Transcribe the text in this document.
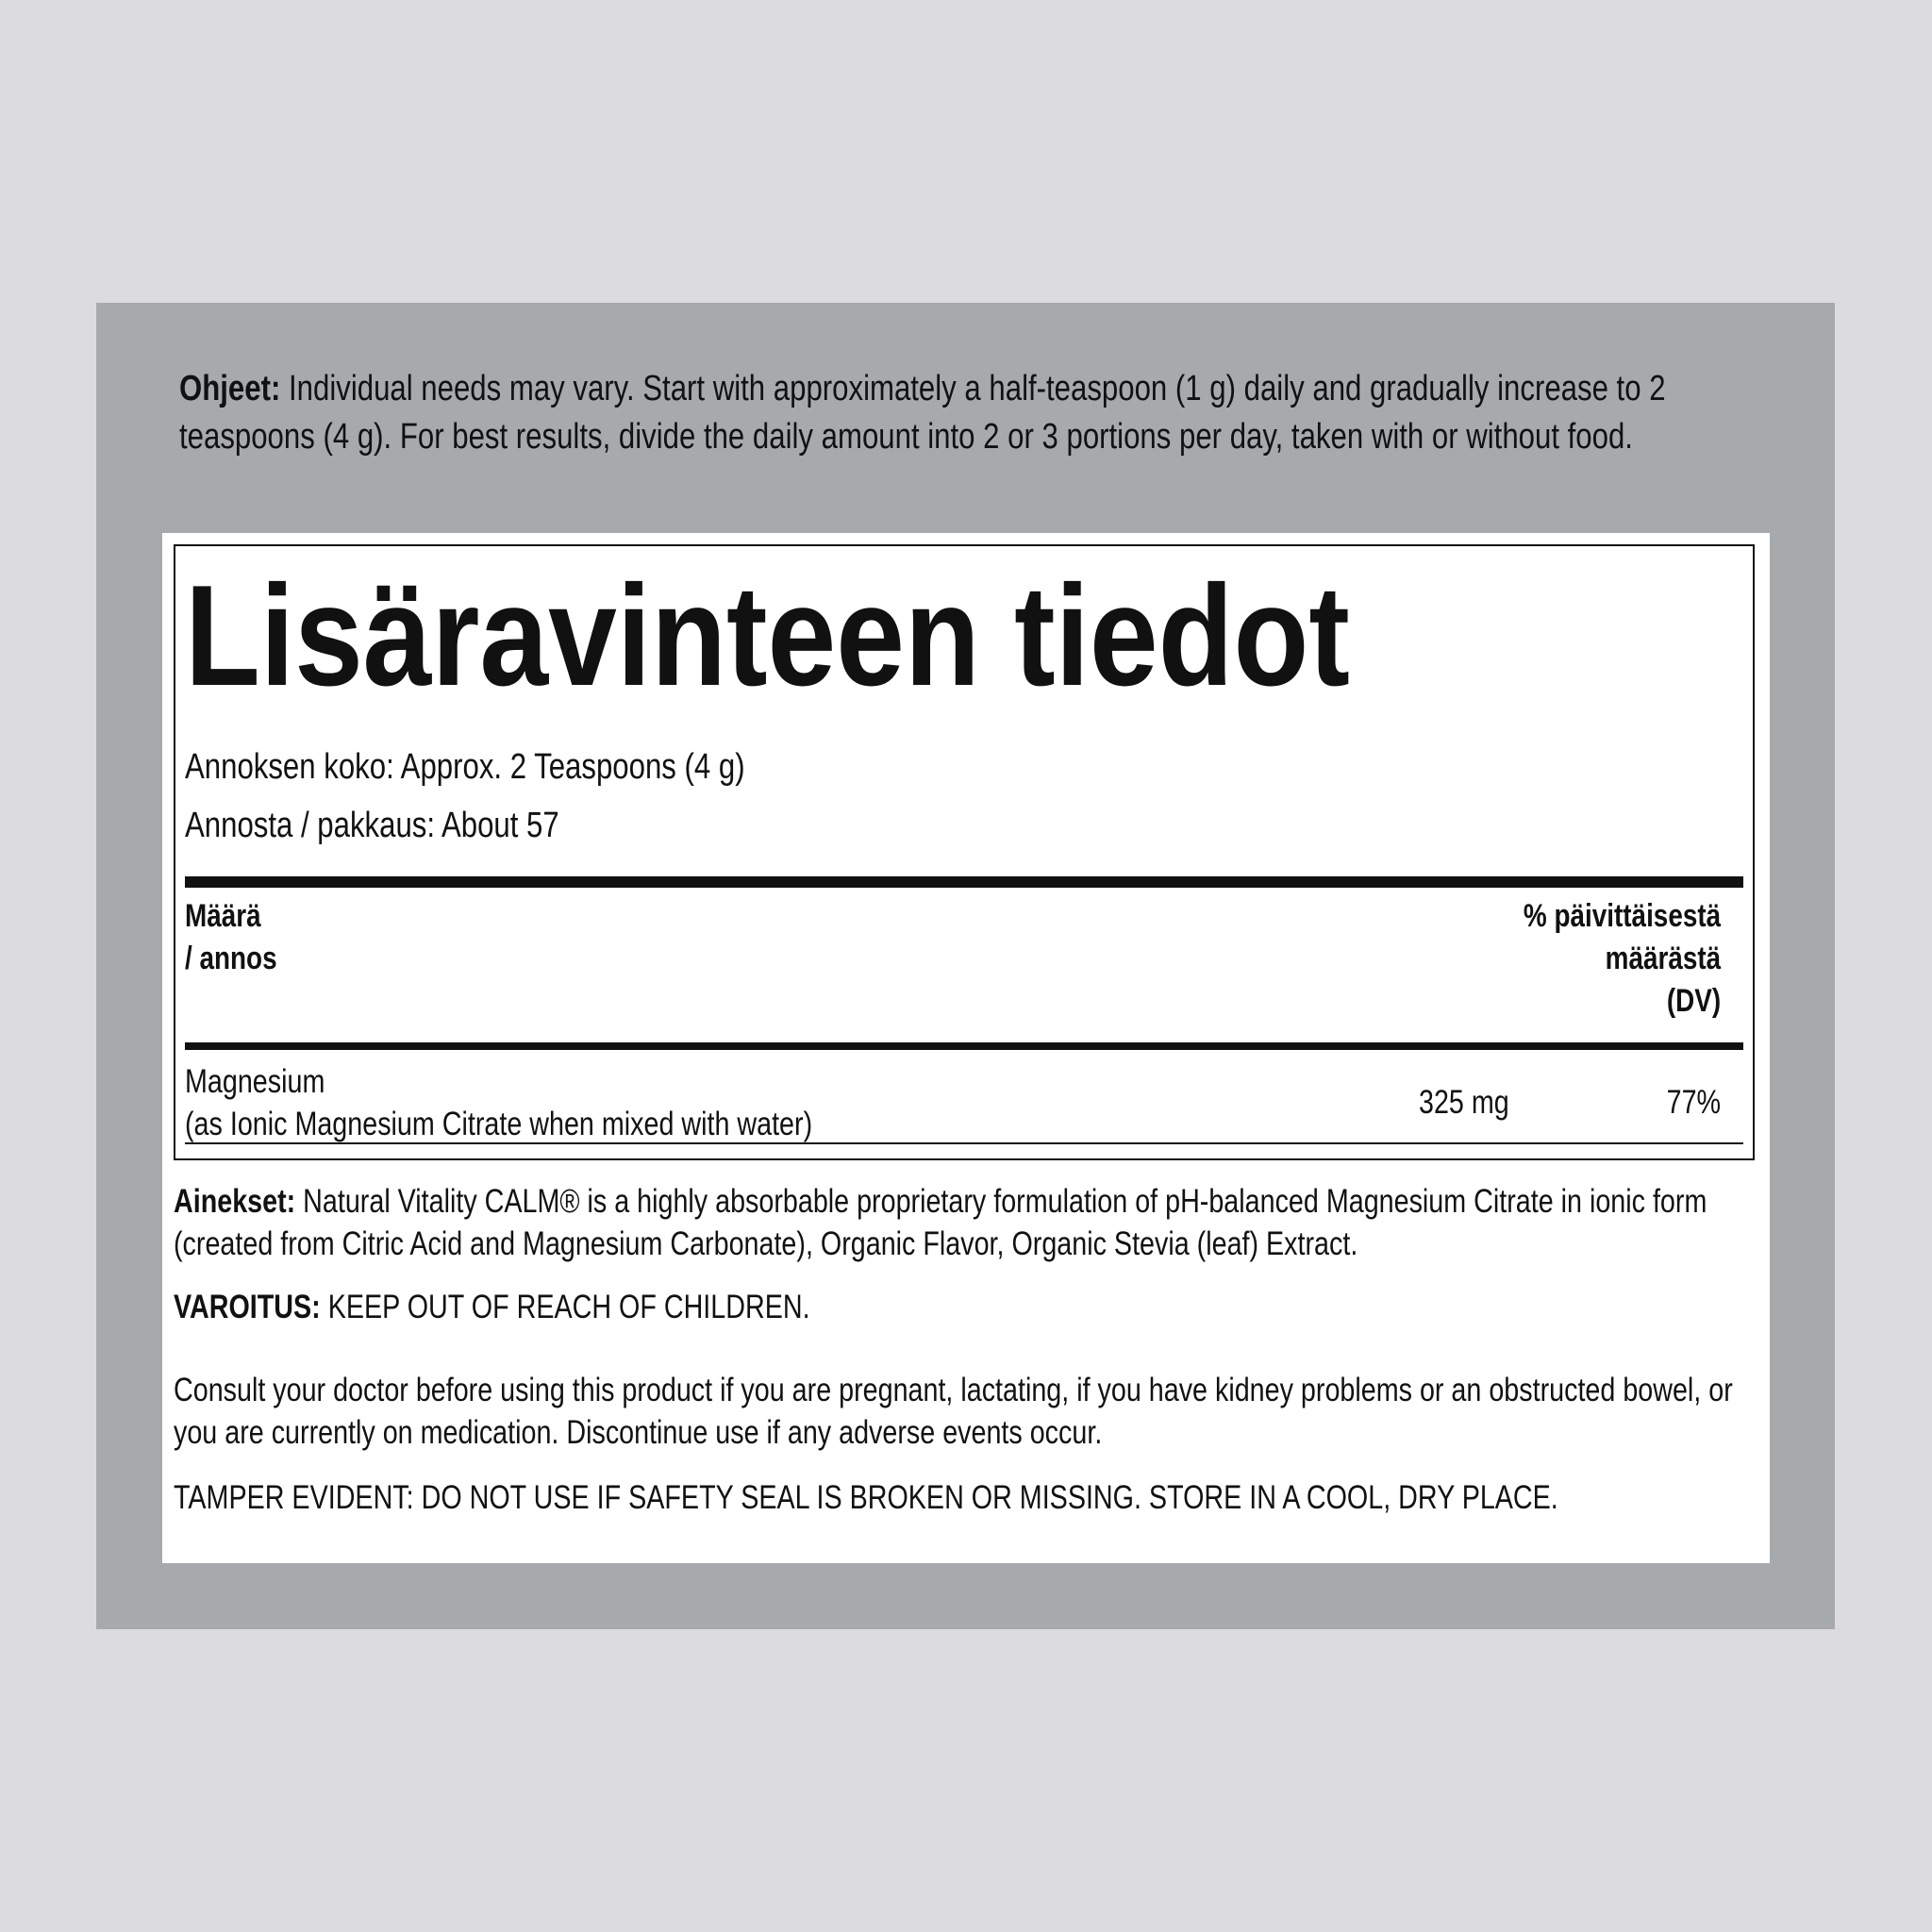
Ohjeet: Individual needs may vary. Start with approximately a half-teaspoon (1 g) daily and gradually increase to 2 teaspoons (4 g). For best results, divide the daily amount into 2 or 3 portions per day, taken with or without food.
Lisäravinteen tiedot
Annoksen koko: Approx. 2 Teaspoons (4 g)
Annosta / pakkaus: About 57
Määrä
/ annos
% päivittäisestä
määrästä
(DV)
Magnesium
(as Ionic Magnesium Citrate when mixed with water)
325 mg	77%
Ainekset: Natural Vitality CALM® is a highly absorbable proprietary formulation of pH-balanced Magnesium Citrate in ionic form (created from Citric Acid and Magnesium Carbonate), Organic Flavor, Organic Stevia (leaf) Extract.
VAROITUS: KEEP OUT OF REACH OF CHILDREN.
Consult your doctor before using this product if you are pregnant, lactating, if you have kidney problems or an obstructed bowel, or you are currently on medication. Discontinue use if any adverse events occur.
TAMPER EVIDENT: DO NOT USE IF SAFETY SEAL IS BROKEN OR MISSING. STORE IN A COOL, DRY PLACE.
